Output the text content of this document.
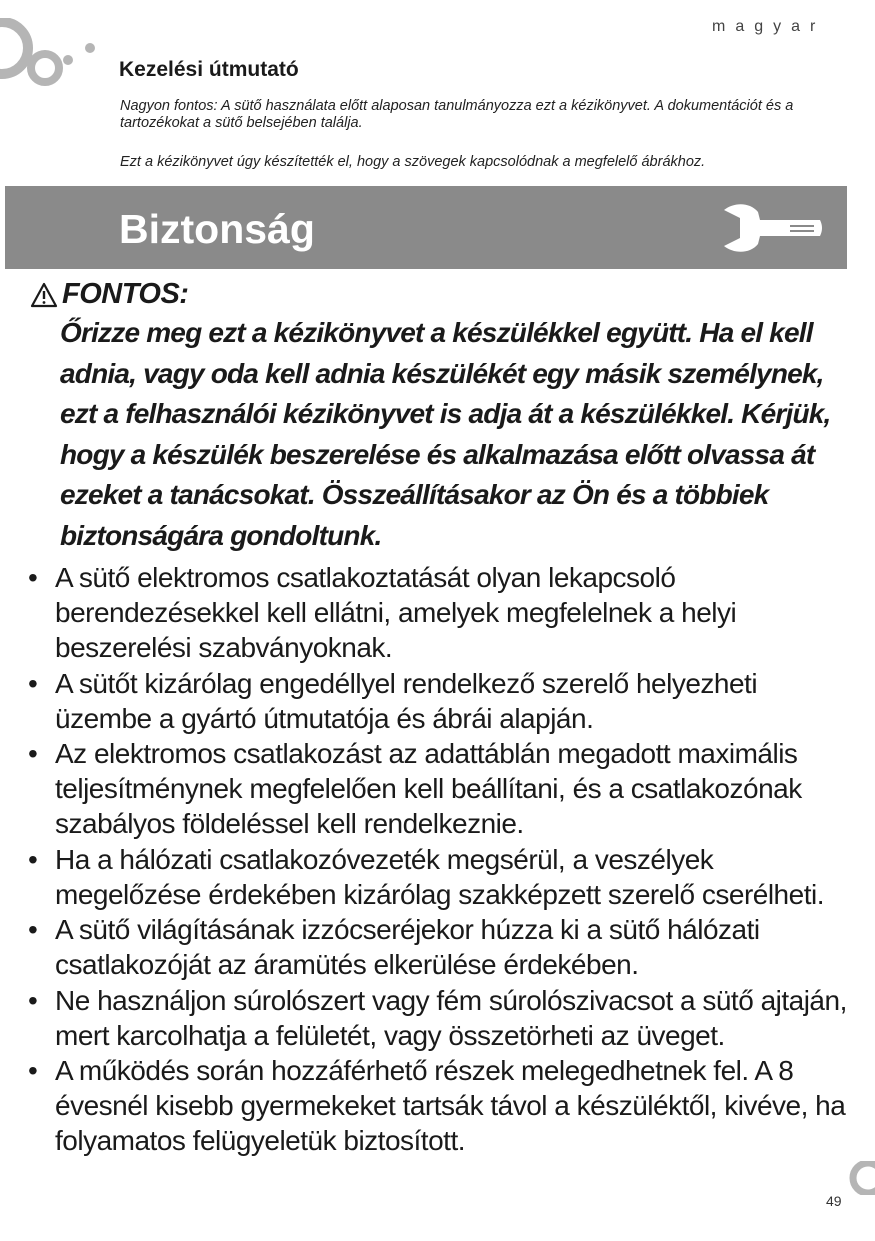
magyar
Kezelési útmutató
Nagyon fontos: A sütő használata előtt alaposan tanulmányozza ezt a kézikönyvet. A dokumentációt és a tartozékokat a sütő belsejében találja.
Ezt a kézikönyvet úgy készítették el, hogy a szövegek kapcsolódnak a megfelelő ábrákhoz.
Biztonság
FONTOS:

Őrizze meg ezt a kézikönyvet a készülékkel együtt. Ha el kell adnia, vagy oda kell adnia készülékét egy másik személynek, ezt a felhasználói kézikönyvet is adja át a készülékkel. Kérjük, hogy a készülék beszerelése és alkalmazása előtt olvassa át ezeket a tanácsokat. Összeállításakor az Ön és a többiek biztonságára gondoltunk.

• A sütő elektromos csatlakoztatását olyan lekapcsoló berendezésekkel kell ellátni, amelyek megfelelnek a helyi beszerelési szabványoknak.
• A sütőt kizárólag engedéllyel rendelkező szerelő helyezheti üzembe a gyártó útmutatója és ábrái alapján.
• Az elektromos csatlakozást az adattáblán megadott maximális teljesítménynek megfelelően kell beállítani, és a csatlakozónak szabályos földeléssel kell rendelkeznie.
• Ha a hálózati csatlakozóvezeték megsérül, a veszélyek megelőzése érdekében kizárólag szakképzett szerelő cserélheti.
• A sütő világításának izzócseréjekor húzza ki a sütő hálózati csatlakozóját az áramütés elkerülése érdekében.
• Ne használjon súrolószert vagy fém súrolószivacsot a sütő ajtaján, mert karcolhatja a felületét, vagy összetörheti az üveget.
• A működés során hozzáférhető részek melegedhetnek fel. A 8 évesnél kisebb gyermekeket tartsák távol a készüléktől, kivéve, ha folyamatos felügyeletük biztosított.
49
